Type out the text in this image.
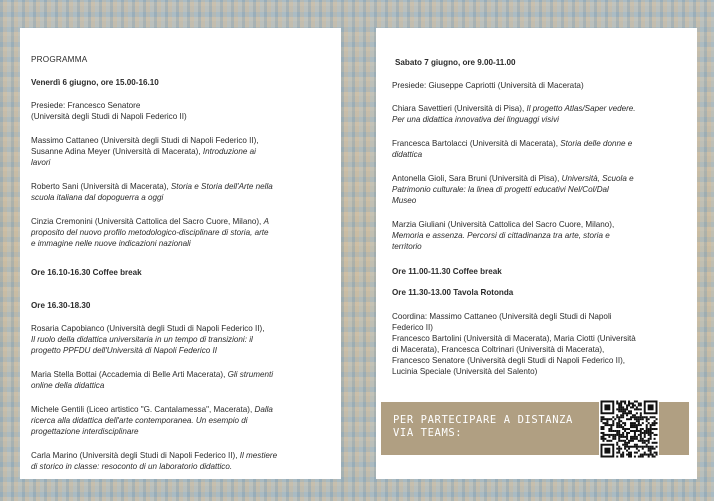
PROGRAMMA

Venerdì 6 giugno, ore 15.00-16.10

Presiede: Francesco Senatore

(Università degli Studi di Napoli Federico II)

Massimo Cattaneo (Università degli Studi di Napoli Federico II),

Susanne Adina Meyer (Università di Macerata), Introduzione ai

lavori

Roberto Sani (Università di Macerata), Storia e Storia dell'Arte nella

scuola italiana dal dopoguerra a oggi

Cinzia Cremonini (Università Cattolica del Sacro Cuore, Milano), A

proposito del nuovo profilo metodologico-disciplinare di storia, arte

e immagine nelle nuove indicazioni nazionali

Ore 16.10-16.30 Coffee break

Ore 16.30-18.30

Rosaria Capobianco (Università degli Studi di Napoli Federico II),

Il ruolo della didattica universitaria in un tempo di transizioni: il

progetto PPFDU dell'Università di Napoli Federico II

Maria Stella Bottai (Accademia di Belle Arti Macerata), Gli strumenti

online della didattica

Michele Gentili (Liceo artistico "G. Cantalamessa", Macerata), Dalla

ricerca alla didattica dell'arte contemporanea. Un esempio di

progettazione interdisciplinare

Carla Marino (Università degli Studi di Napoli Federico II), Il mestiere

di storico in classe: resoconto di un laboratorio didattico.

Sabato 7 giugno, ore 9.00-11.00

Presiede: Giuseppe Capriotti (Università di Macerata)

Chiara Savettieri (Università di Pisa), Il progetto Atlas/Saper vedere.

Per una didattica innovativa dei linguaggi visivi

Francesca Bartolacci (Università di Macerata), Storia delle donne e

didattica

Antonella Gioli, Sara Bruni (Università di Pisa), Università, Scuola e

Patrimonio culturale: la linea di progetti educativi Nel/Col/Dal

Museo

Marzia Giuliani (Università Cattolica del Sacro Cuore, Milano),

Memoria e assenza. Percorsi di cittadinanza tra arte, storia e

territorio

Ore 11.00-11.30 Coffee break

Ore 11.30-13.00 Tavola Rotonda

Coordina: Massimo Cattaneo (Università degli Studi di Napoli

Federico II)

Francesco Bartolini (Università di Macerata), Maria Ciotti (Università

di Macerata), Francesca Coltrinari (Università di Macerata),

Francesco Senatore (Università degli Studi di Napoli Federico II),

Lucinia Speciale (Università del Salento)

PER PARTECIPARE A DISTANZA
VIA TEAMS:
